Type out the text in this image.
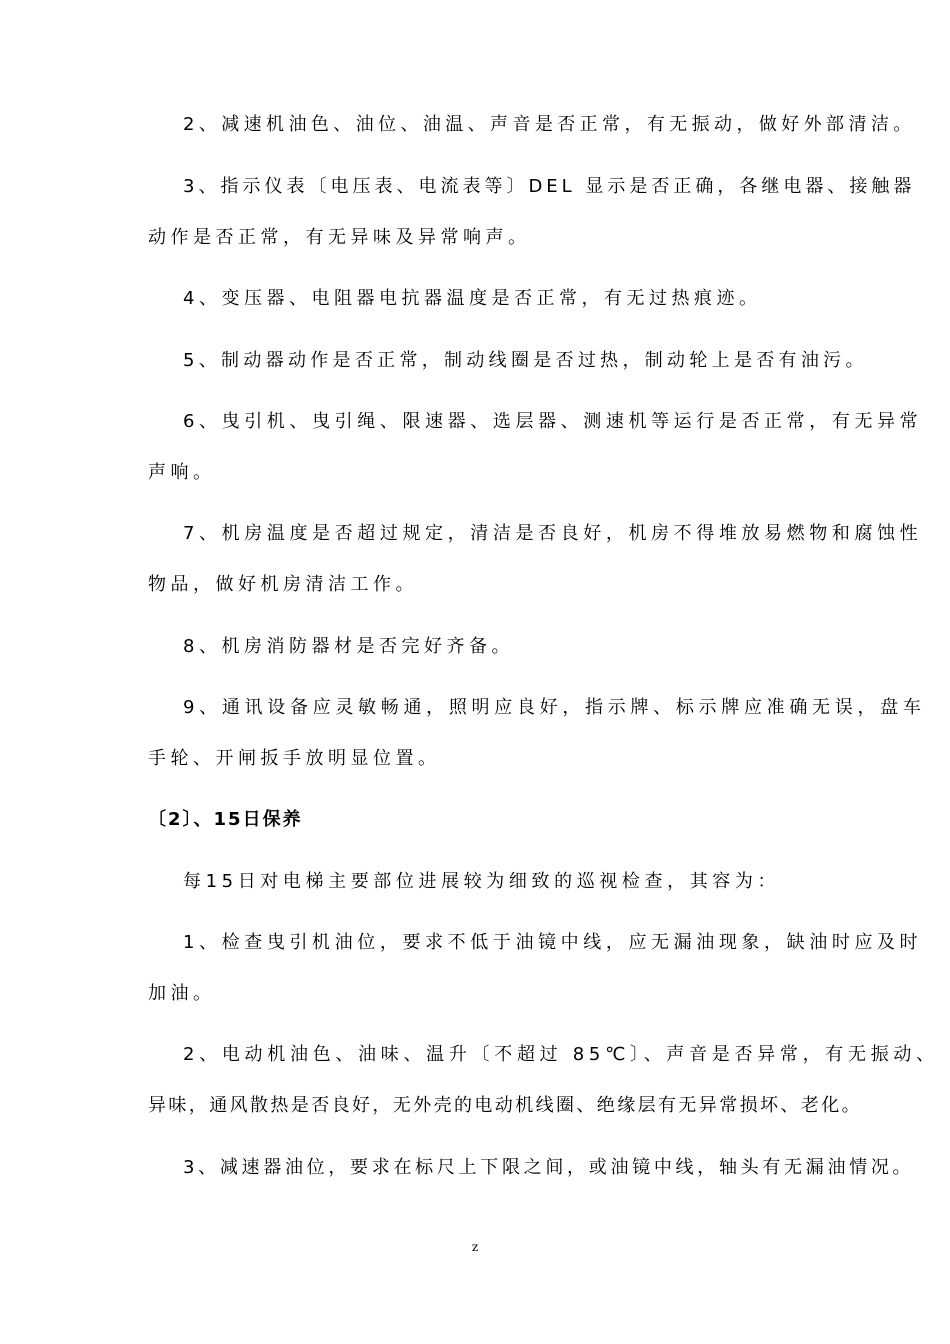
2、减速机油色、油位、油温、声音是否正常，有无振动，做好外部清洁。
3、指示仪表〔电压表、电流表等〕DEL 显示是否正确，各继电器、接触器
动作是否正常，有无异味及异常响声。
4、变压器、电阻器电抗器温度是否正常，有无过热痕迹。
5、制动器动作是否正常，制动线圈是否过热，制动轮上是否有油污。
6、曳引机、曳引绳、限速器、选层器、测速机等运行是否正常，有无异常
声响。
7、机房温度是否超过规定，清洁是否良好，机房不得堆放易燃物和腐蚀性
物品，做好机房清洁工作。
8、机房消防器材是否完好齐备。
9、通讯设备应灵敏畅通，照明应良好，指示牌、标示牌应准确无误，盘车
手轮、开闸扳手放明显位置。
〔2〕、15日保养
每15日对电梯主要部位进展较为细致的巡视检查，其容为：
1、检查曳引机油位，要求不低于油镜中线，应无漏油现象，缺油时应及时
加油。
2、电动机油色、油味、温升〔不超过 85℃〕、声音是否异常，有无振动、
异味，通风散热是否良好，无外壳的电动机线圈、绝缘层有无异常损坏、老化。
3、减速器油位，要求在标尺上下限之间，或油镜中线，轴头有无漏油情况。
z
